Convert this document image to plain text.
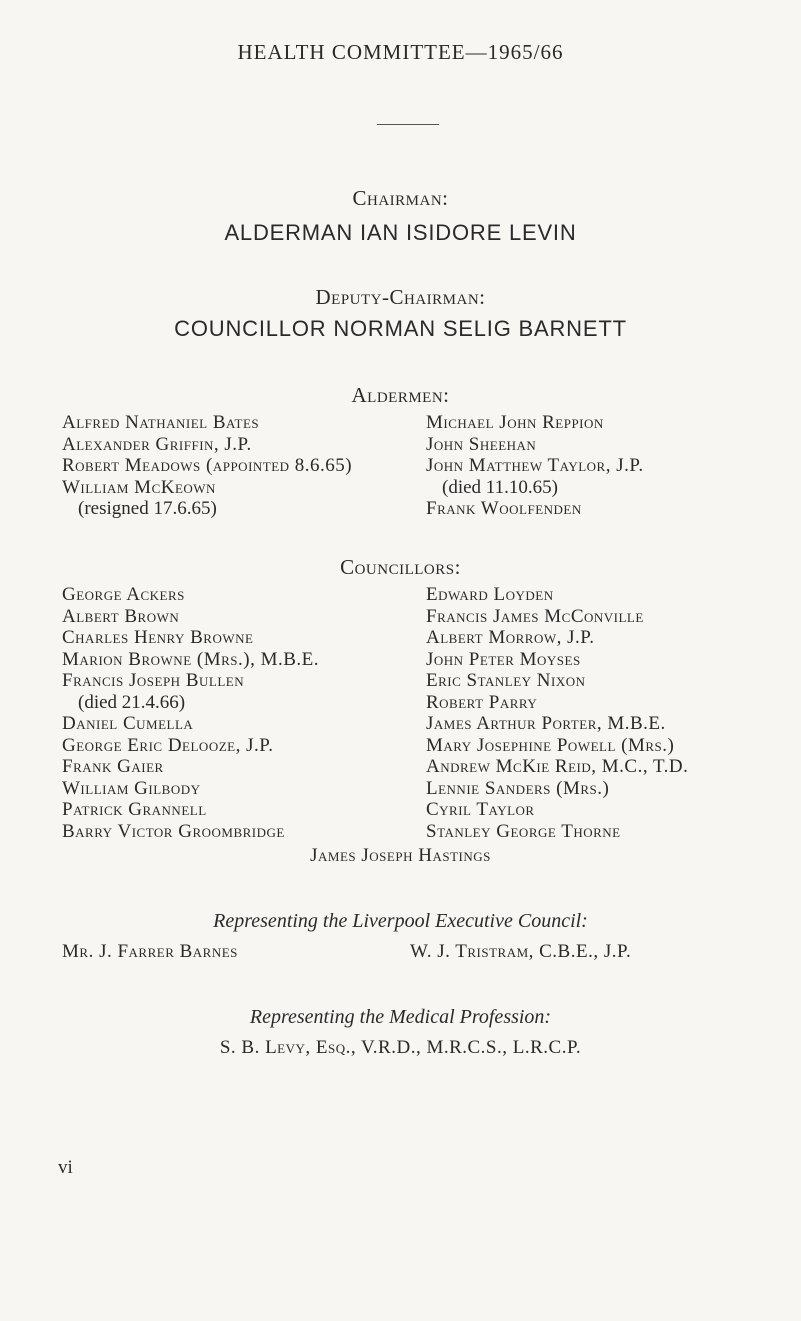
HEALTH COMMITTEE—1965/66
Chairman:
ALDERMAN IAN ISIDORE LEVIN
Deputy-Chairman:
COUNCILLOR NORMAN SELIG BARNETT
Aldermen:
Alfred Nathaniel Bates
Alexander Griffin, J.P.
Robert Meadows (appointed 8.6.65)
William McKeown
(resigned 17.6.65)
Michael John Reppion
John Sheehan
John Matthew Taylor, J.P.
(died 11.10.65)
Frank Woolfenden
Councillors:
George Ackers
Albert Brown
Charles Henry Browne
Marion Browne (Mrs.), M.B.E.
Francis Joseph Bullen
(died 21.4.66)
Daniel Cumella
George Eric Delooze, J.P.
Frank Gaier
William Gilbody
Patrick Grannell
Barry Victor Groombridge
Edward Loyden
Francis James McConville
Albert Morrow, J.P.
John Peter Moyses
Eric Stanley Nixon
Robert Parry
James Arthur Porter, M.B.E.
Mary Josephine Powell (Mrs.)
Andrew McKie Reid, M.C., T.D.
Lennie Sanders (Mrs.)
Cyril Taylor
Stanley George Thorne
James Joseph Hastings
Representing the Liverpool Executive Council:
Mr. J. Farrer Barnes	W. J. Tristram, C.B.E., J.P.
Representing the Medical Profession:
S. B. Levy, Esq., V.R.D., M.R.C.S., L.R.C.P.
vi
